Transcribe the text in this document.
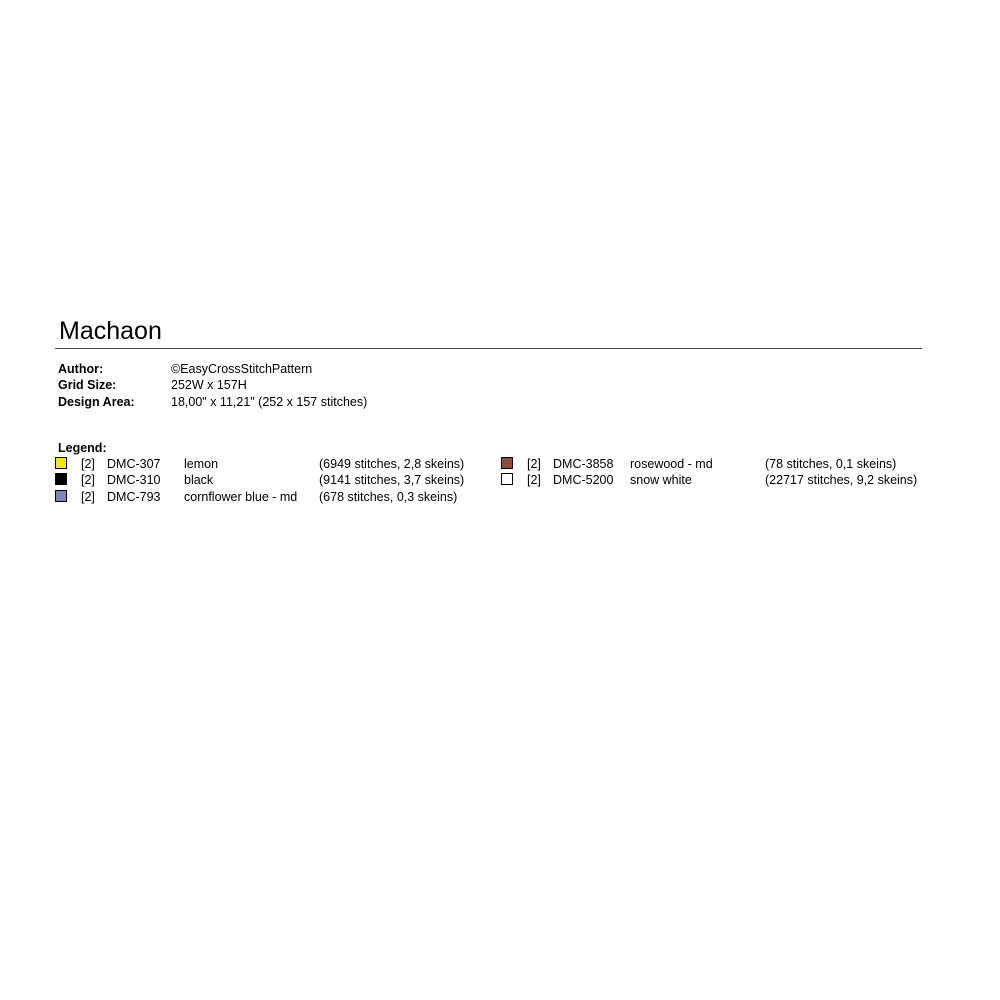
Machaon
Author:	©EasyCrossStitchPattern
Grid Size:	252W x 157H
Design Area:	18,00" x 11,21" (252 x 157 stitches)
Legend:
[2] DMC-307 lemon	(6949 stitches, 2,8 skeins)
[2] DMC-310 black	(9141 stitches, 3,7 skeins)
[2] DMC-793 cornflower blue - md (678 stitches, 0,3 skeins)
[2] DMC-3858 rosewood - md	(78 stitches, 0,1 skeins)
[2] DMC-5200 snow white	(22717 stitches, 9,2 skeins)
